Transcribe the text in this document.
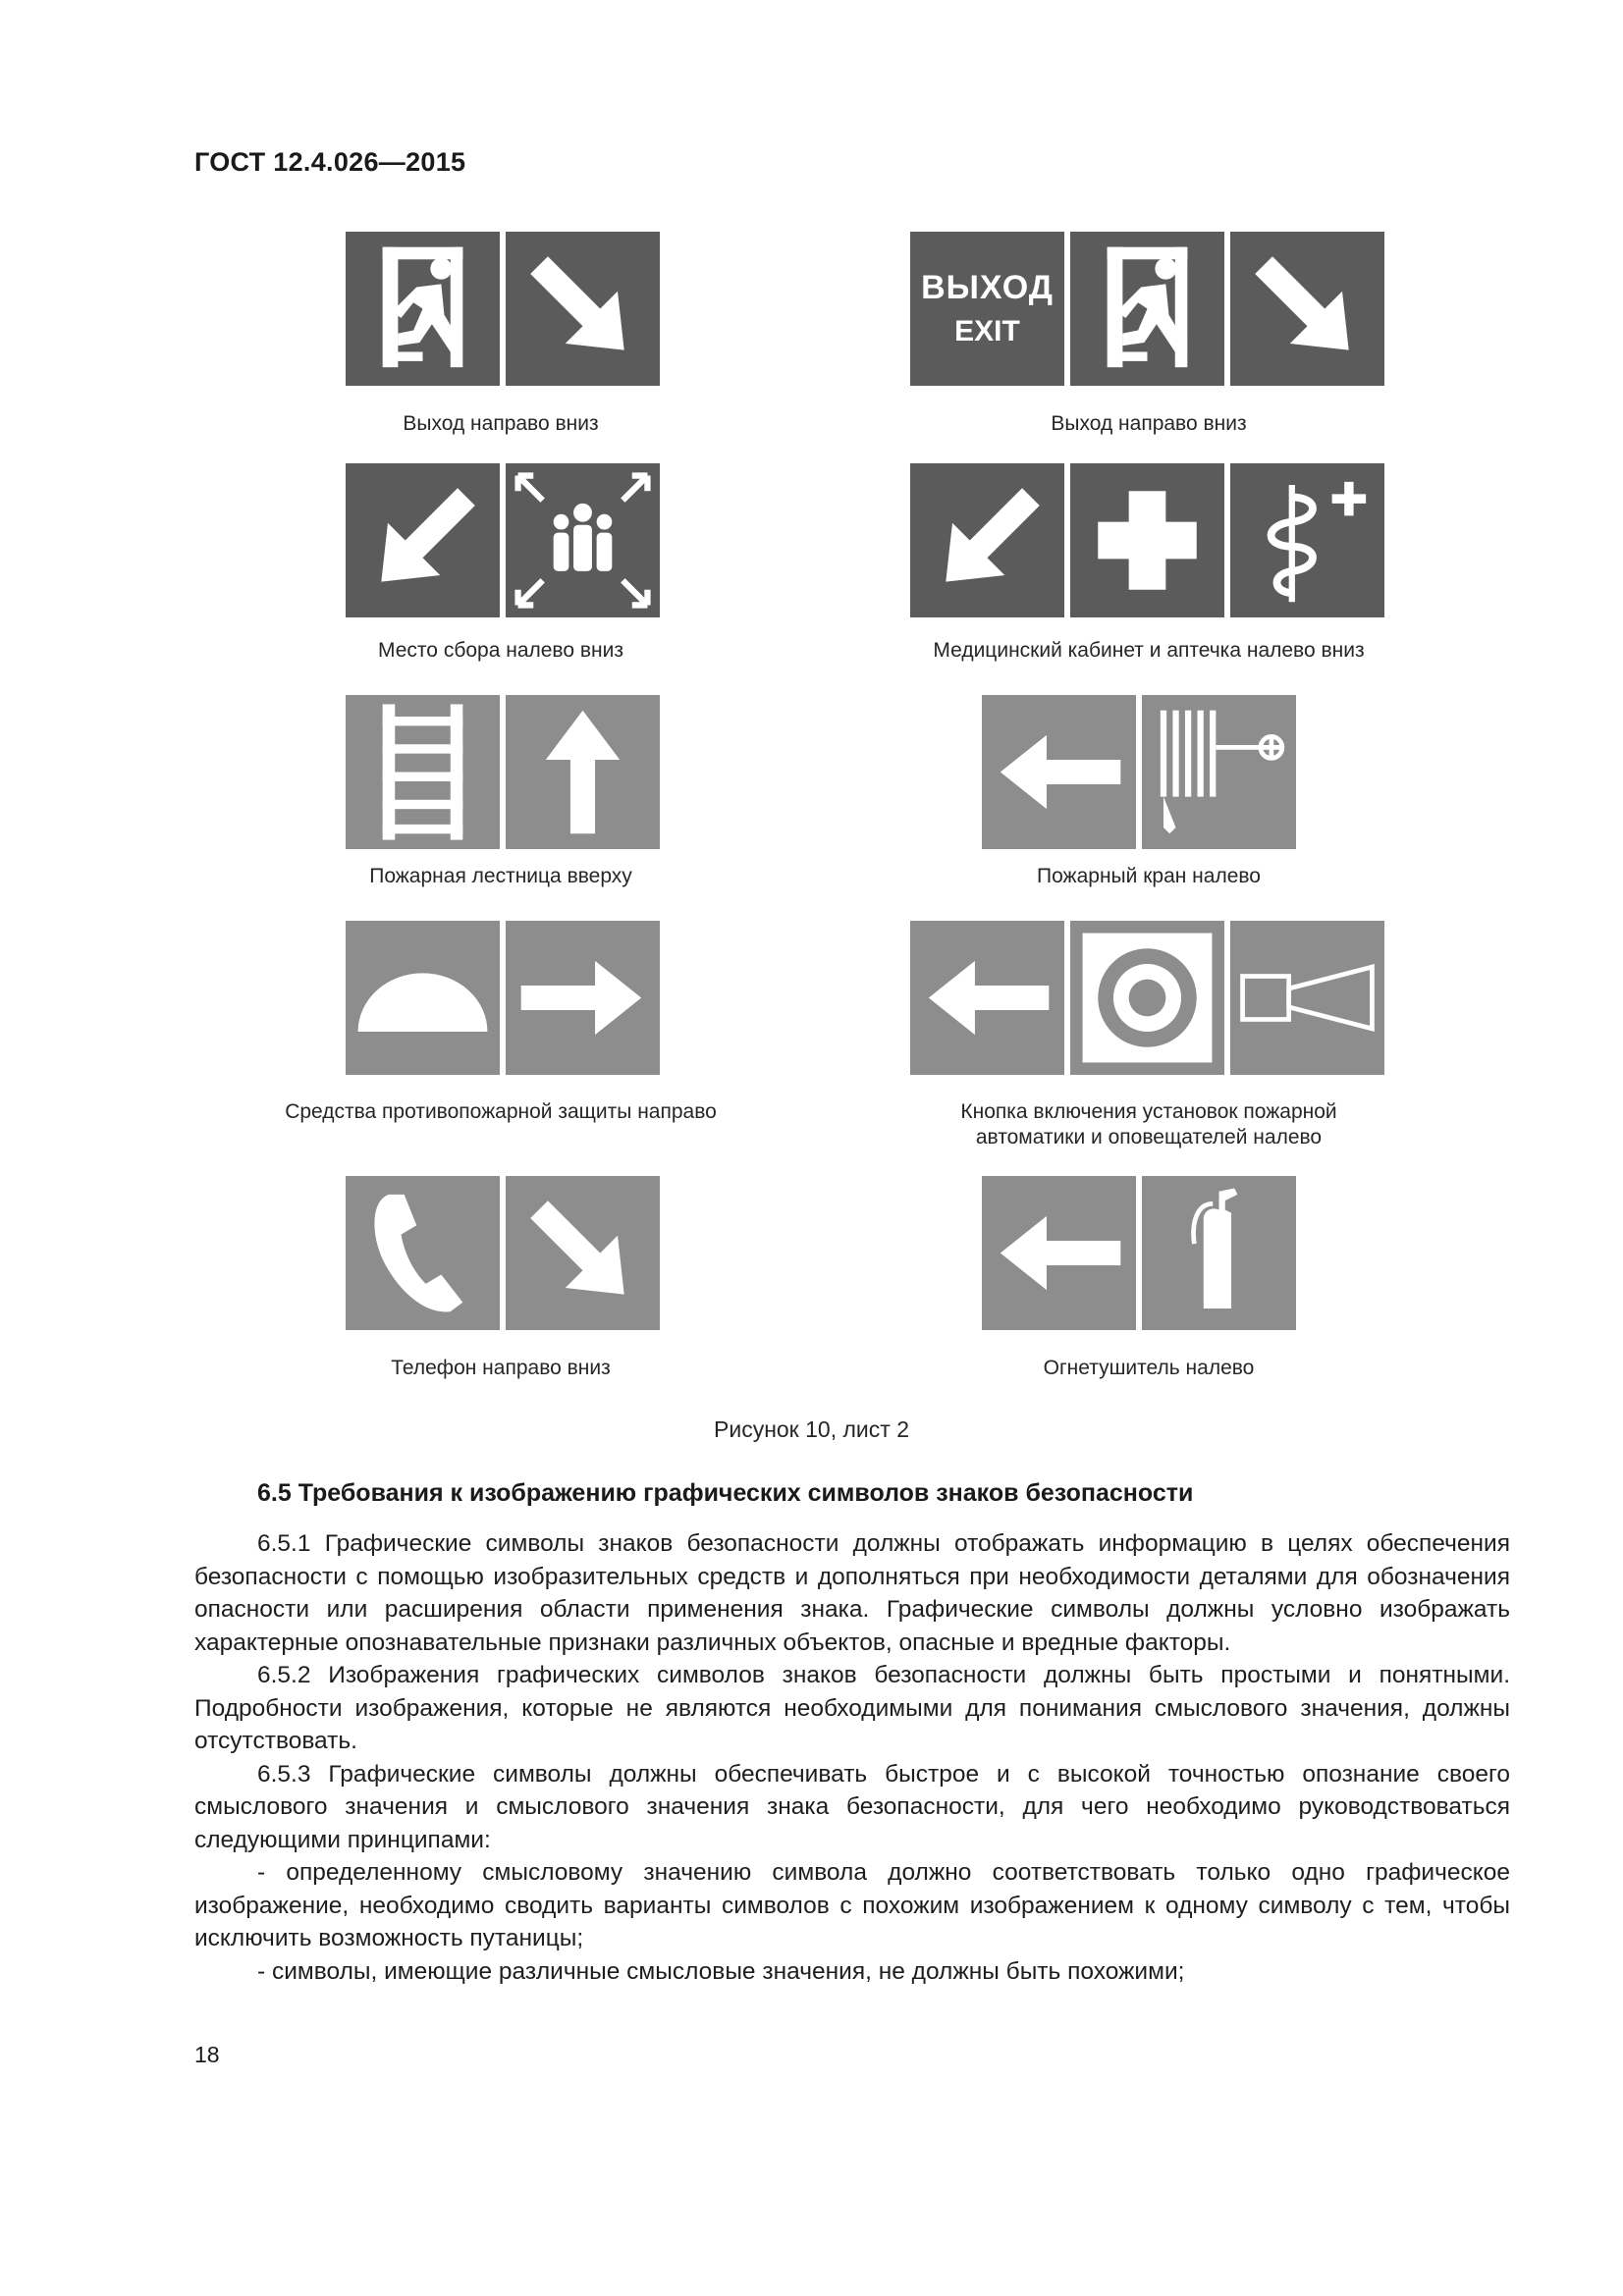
ГОСТ 12.4.026—2015
Выход направо вниз
ВЫХОД
EXIT
Выход направо вниз
Место сбора налево вниз	Медицинский кабинет и аптечка налево вниз
Пожарная лестница вверху	Пожарный кран налево
Средства противопожарной защиты направо	Кнопка включения установок пожарной
автоматики и оповещателей налево
Телефон направо вниз	Огнетушитель налево
Рисунок 10, лист 2
6.5 Требования к изображению графических символов знаков безопасности

6.5.1 Графические символы знаков безопасности должны отображать информацию в целях обеспечения безопасности с помощью изобразительных средств и дополняться при необходимости деталями для обозначения опасности или расширения области применения знака. Графические символы должны условно изображать характерные опознавательные признаки различных объектов, опасные и вредные факторы.

6.5.2 Изображения графических символов знаков безопасности должны быть простыми и понятными. Подробности изображения, которые не являются необходимыми для понимания смыслового значения, должны отсутствовать.

6.5.3 Графические символы должны обеспечивать быстрое и с высокой точностью опознание своего смыслового значения и смыслового значения знака безопасности, для чего необходимо руководствоваться следующими принципами:

- определенному смысловому значению символа должно соответствовать только одно графическое изображение, необходимо сводить варианты символов с похожим изображением к одному символу с тем, чтобы исключить возможность путаницы;

- символы, имеющие различные смысловые значения, не должны быть похожими;

18
